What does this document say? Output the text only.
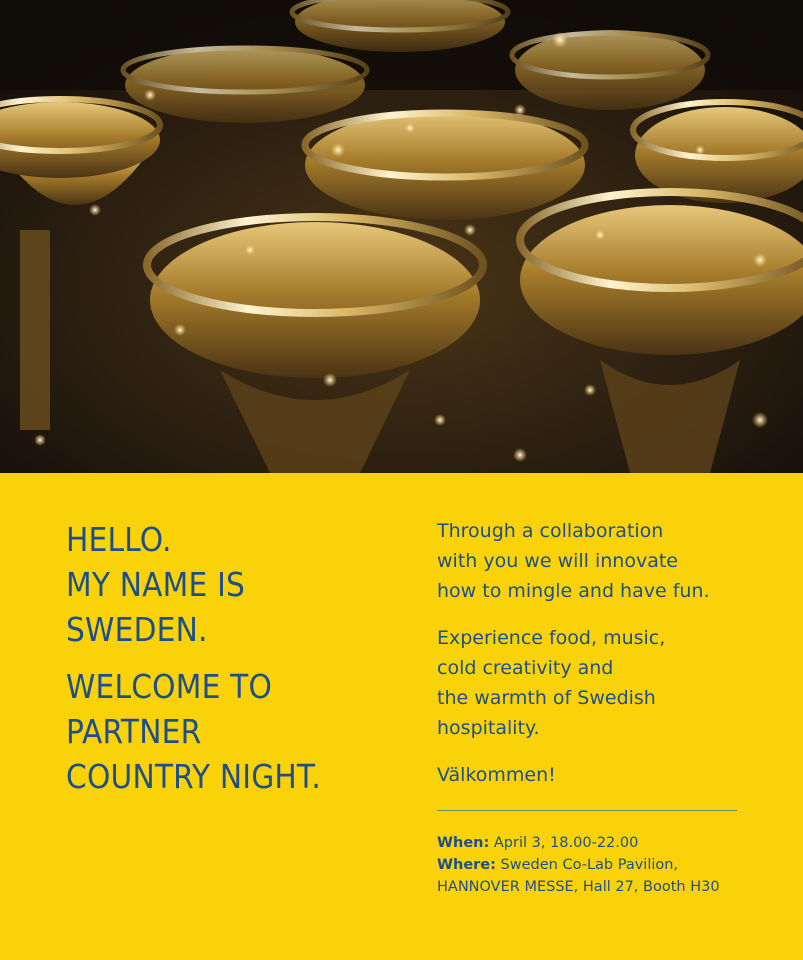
HELLO.
MY NAME IS
SWEDEN.
WELCOME TO
PARTNER
COUNTRY NIGHT.

Through a collaboration
with you we will innovate
how to mingle and have fun.

Experience food, music,
cold creativity and
the warmth of Swedish
hospitality.

Välkommen!

When: April 3, 18.00-22.00
Where: Sweden Co-Lab Pavilion,
HANNOVER MESSE, Hall 27, Booth H30
